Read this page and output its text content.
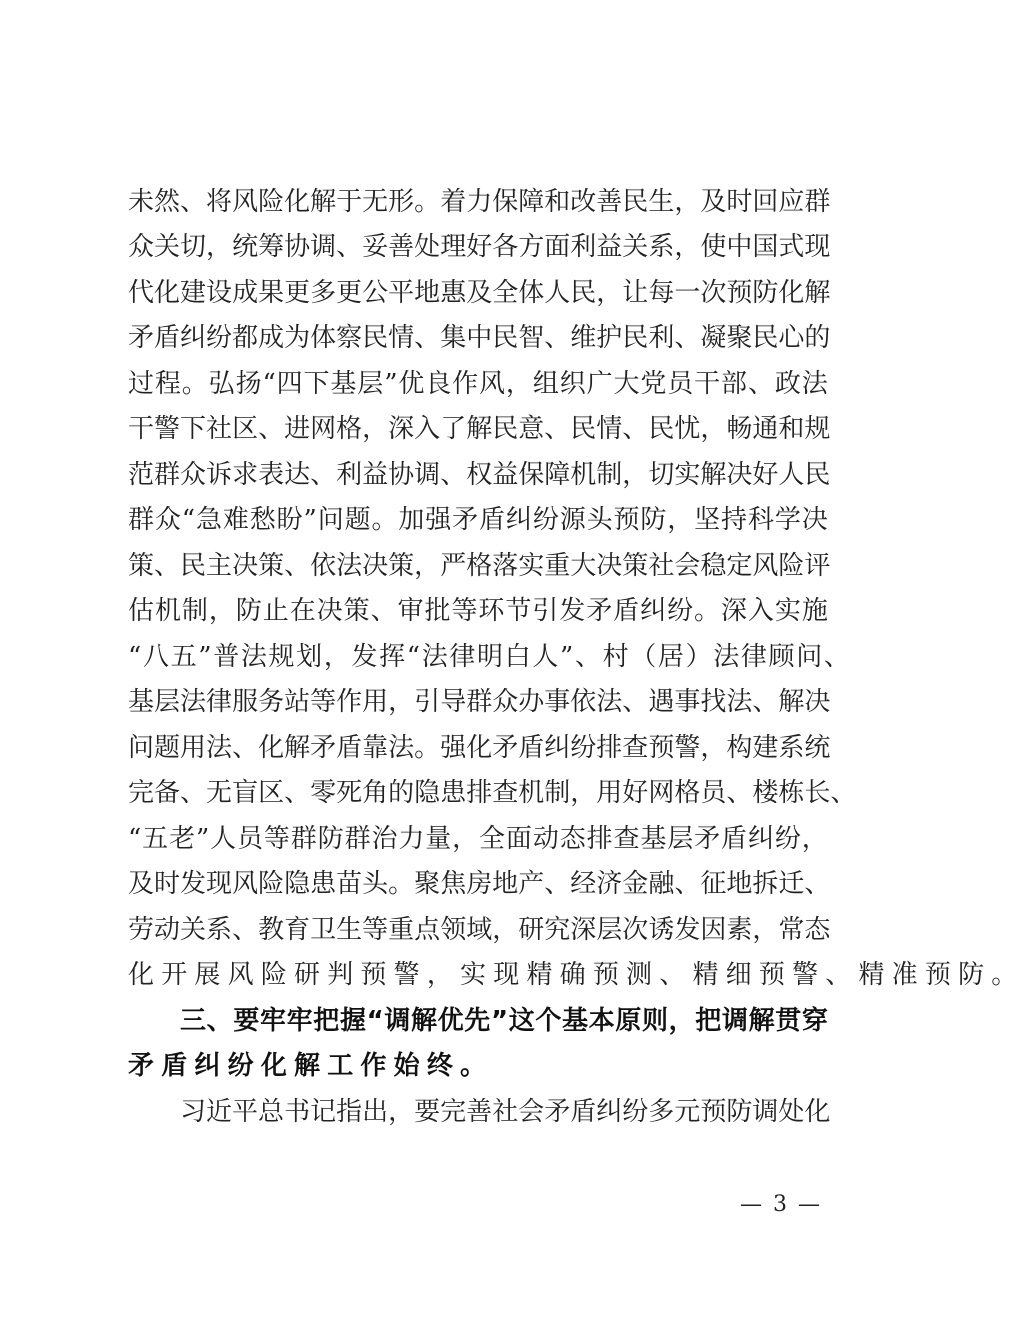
未 然 、 将 风 险 化 解 于 无 形 。 着 力 保 障 和 改 善 民 生 ， 及 时 回 应 群
众 关 切 ， 统 筹 协 调 、 妥 善 处 理 好 各 方 面 利 益 关 系 ， 使 中 国 式 现
代 化 建 设 成 果 更 多 更 公 平 地 惠 及 全 体 人 民 ， 让 每 一 次 预 防 化 解
矛 盾 纠 纷 都 成 为 体 察 民 情 、 集 中 民 智 、 维 护 民 利 、 凝 聚 民 心 的
过 程 。 弘 扬 “ 四 下 基 层 ” 优 良 作 风 ， 组 织 广 大 党 员 干 部 、 政 法
干 警 下 社 区 、 进 网 格 ， 深 入 了 解 民 意 、 民 情 、 民 忧 ， 畅 通 和 规
范 群 众 诉 求 表 达 、 利 益 协 调 、 权 益 保 障 机 制 ， 切 实 解 决 好 人 民
群 众 “ 急 难 愁 盼 ” 问 题 。 加 强 矛 盾 纠 纷 源 头 预 防 ， 坚 持 科 学 决
策 、 民 主 决 策 、 依 法 决 策 ， 严 格 落 实 重 大 决 策 社 会 稳 定 风 险 评
估 机 制 ， 防 止 在 决 策 、 审 批 等 环 节 引 发 矛 盾 纠 纷 。 深 入 实 施
“ 八 五 ” 普 法 规 划 ， 发 挥 “ 法 律 明 白 人 ” 、 村 （ 居 ） 法 律 顾 问 、
基 层 法 律 服 务 站 等 作 用 ， 引 导 群 众 办 事 依 法 、 遇 事 找 法 、 解 决
问 题 用 法 、 化 解 矛 盾 靠 法 。 强 化 矛 盾 纠 纷 排 查 预 警 ， 构 建 系 统
完 备 、 无 盲 区 、 零 死 角 的 隐 患 排 查 机 制 ， 用 好 网 格 员 、 楼 栋 长 、
“ 五 老 ” 人 员 等 群 防 群 治 力 量 ， 全 面 动 态 排 查 基 层 矛 盾 纠 纷 ，
及 时 发 现 风 险 隐 患 苗 头 。 聚 焦 房 地 产 、 经 济 金 融 、 征 地 拆 迁 、
劳 动 关 系 、 教 育 卫 生 等 重 点 领 域 ， 研 究 深 层 次 诱 发 因 素 ， 常 态
化 开 展 风 险 研 判 预 警 ， 实 现 精 确 预 测 、 精 细 预 警 、 精 准 预 防 。
三 、 要 牢 牢 把 握 “ 调 解 优 先 ” 这 个 基 本 原 则 ， 把 调 解 贯 穿
矛 盾 纠 纷 化 解 工 作 始 终 。
习 近 平 总 书 记 指 出 ， 要 完 善 社 会 矛 盾 纠 纷 多 元 预 防 调 处 化
— 3 —
